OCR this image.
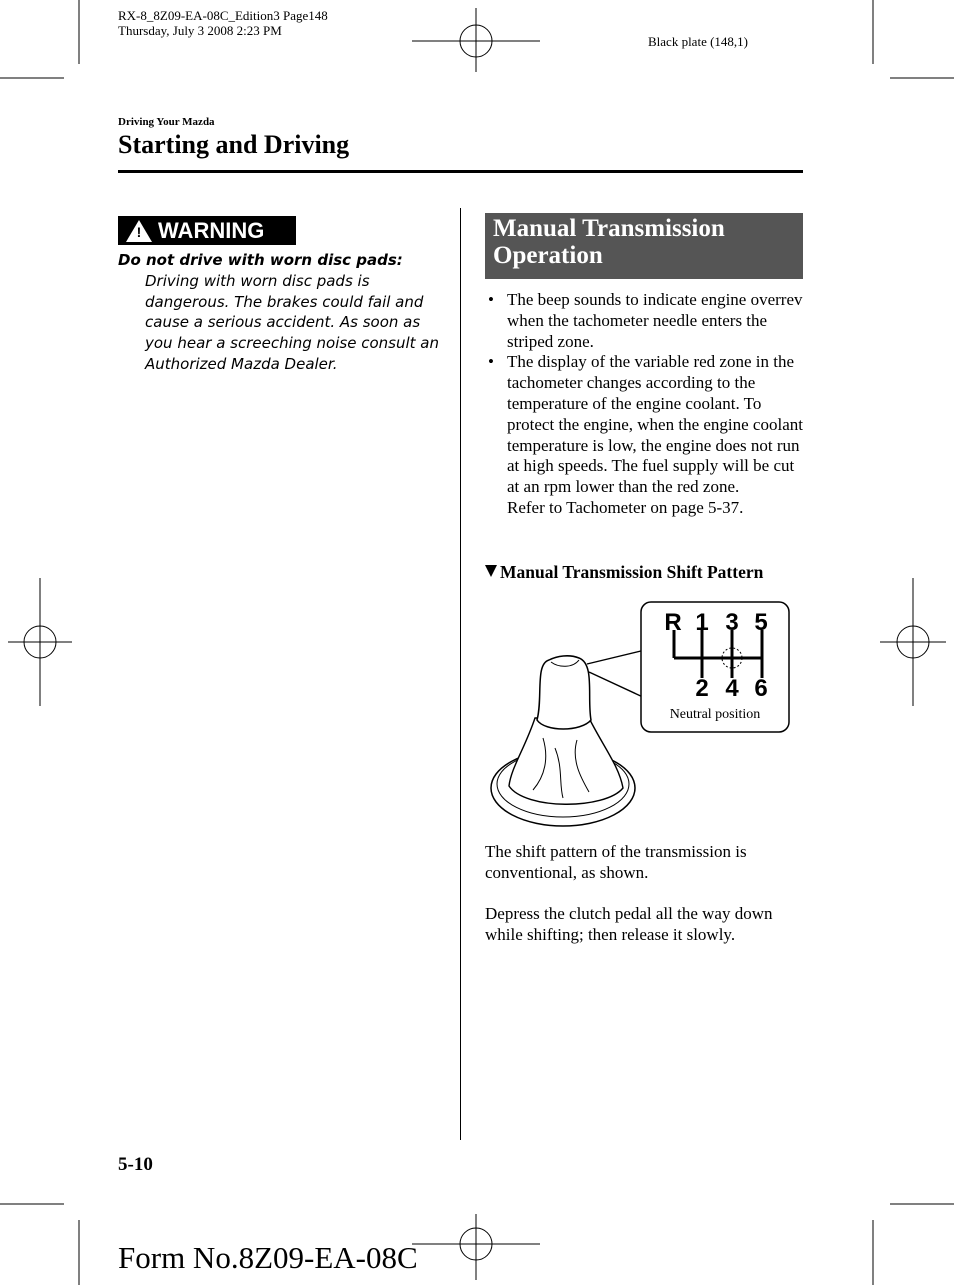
RX-8_8Z09-EA-08C_Edition3 Page148
Thursday, July 3 2008 2:23 PM
Black plate (148,1)
Driving Your Mazda
Starting and Driving
! WARNING
Do not drive with worn disc pads:
Driving with worn disc pads is dangerous. The brakes could fail and cause a serious accident. As soon as you hear a screeching noise consult an Authorized Mazda Dealer.
Manual Transmission Operation
• The beep sounds to indicate engine overrev when the tachometer needle enters the striped zone.
• The display of the variable red zone in the tachometer changes according to the temperature of the engine coolant. To protect the engine, when the engine coolant temperature is low, the engine does not run at high speeds. The fuel supply will be cut at an rpm lower than the red zone.
Refer to Tachometer on page 5-37.
Manual Transmission Shift Pattern
R 1 3 5
2 4 6
Neutral position
The shift pattern of the transmission is conventional, as shown.
Depress the clutch pedal all the way down while shifting; then release it slowly.
5-10
Form No.8Z09-EA-08C
